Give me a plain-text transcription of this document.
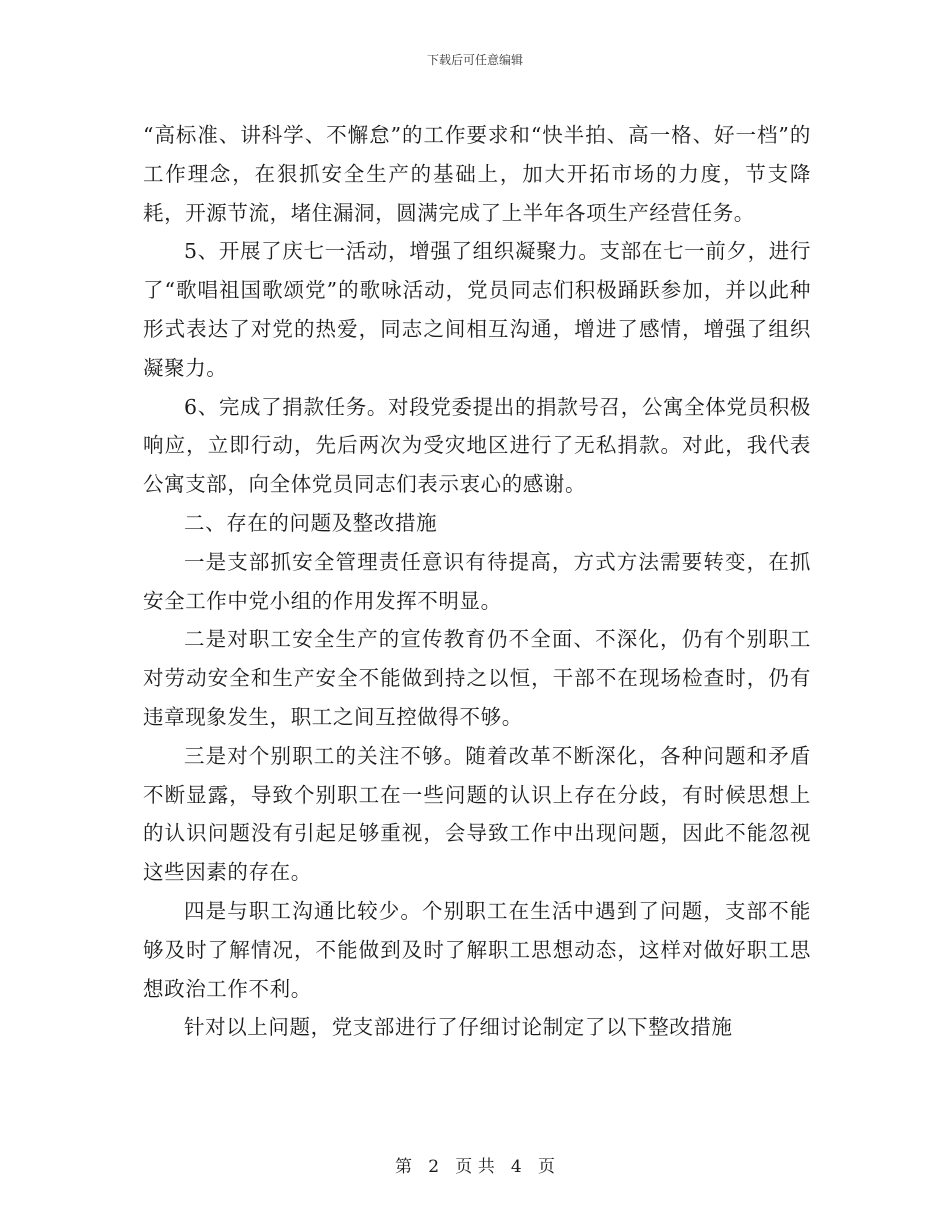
下载后可任意编辑

“高标准、讲科学、不懈怠”的工作要求和“快半拍、高一格、好一档”的工作理念，在狠抓安全生产的基础上，加大开拓市场的力度，节支降耗，开源节流，堵住漏洞，圆满完成了上半年各项生产经营任务。

5、开展了庆七一活动，增强了组织凝聚力。支部在七一前夕，进行了“歌唱祖国歌颂党”的歌咏活动，党员同志们积极踊跃参加，并以此种形式表达了对党的热爱，同志之间相互沟通，增进了感情，增强了组织凝聚力。

6、完成了捐款任务。对段党委提出的捐款号召，公寓全体党员积极响应，立即行动，先后两次为受灾地区进行了无私捐款。对此，我代表公寓支部，向全体党员同志们表示衷心的感谢。

二、存在的问题及整改措施

一是支部抓安全管理责任意识有待提高，方式方法需要转变，在抓安全工作中党小组的作用发挥不明显。

二是对职工安全生产的宣传教育仍不全面、不深化，仍有个别职工对劳动安全和生产安全不能做到持之以恒，干部不在现场检查时，仍有违章现象发生，职工之间互控做得不够。

三是对个别职工的关注不够。随着改革不断深化，各种问题和矛盾不断显露，导致个别职工在一些问题的认识上存在分歧，有时候思想上的认识问题没有引起足够重视，会导致工作中出现问题，因此不能忽视这些因素的存在。

四是与职工沟通比较少。个别职工在生活中遇到了问题，支部不能够及时了解情况，不能做到及时了解职工思想动态，这样对做好职工思想政治工作不利。

针对以上问题，党支部进行了仔细讨论制定了以下整改措施

第 2 页 共 4 页
